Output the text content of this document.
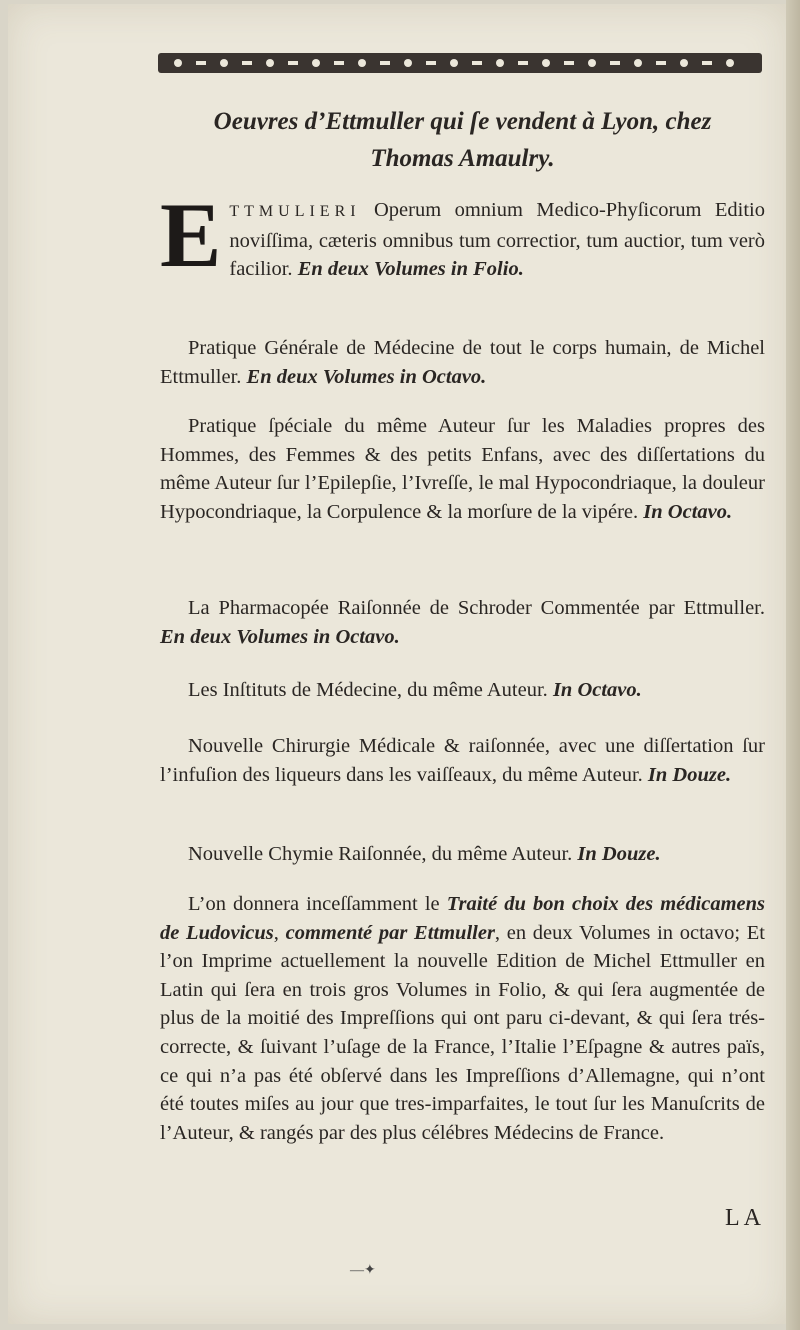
Oeuvres d’Ettmuller qui ſe vendent à Lyon, chez
Thomas Amaulry.
ETTMULIERI Operum omnium Medico-Phyſicorum Editio noviſſima, cæteris omnibus tum correctior, tum auctior, tum verò facilior. En deux Volumes in Folio.
Pratique Générale de Médecine de tout le corps humain, de Michel Ettmuller. En deux Volumes in Octavo.
Pratique ſpéciale du même Auteur ſur les Maladies propres des Hommes, des Femmes & des petits Enfans, avec des diſſertations du même Auteur ſur l’Epilepſie, l’Ivreſſe, le mal Hypocondriaque, la douleur Hypocondriaque, la Corpulence & la morſure de la vipére. In Octavo.
La Pharmacopée Raiſonnée de Schroder Commentée par Ettmuller. En deux Volumes in Octavo.
Les Inſtituts de Médecine, du même Auteur. In Octavo.
Nouvelle Chirurgie Médicale & raiſonnée, avec une diſſertation ſur l’infuſion des liqueurs dans les vaiſſeaux, du même Auteur. In Douze.
Nouvelle Chymie Raiſonnée, du même Auteur. In Douze.
L’on donnera inceſſamment le Traité du bon choix des médicamens de Ludovicus, commenté par Ettmuller, en deux Volumes in octavo; Et l’on Imprime actuellement la nouvelle Edition de Michel Ettmuller en Latin qui ſera en trois gros Volumes in Folio, & qui ſera augmentée de plus de la moitié des Impreſſions qui ont paru ci-devant, & qui ſera trés-correcte, & ſuivant l’uſage de la France, l’Italie l’Eſpagne & autres païs, ce qui n’a pas été obſervé dans les Impreſſions d’Allemagne, qui n’ont été toutes miſes au jour que tres-imparfaites, le tout ſur les Manuſcrits de l’Auteur, & rangés par des plus célébres Médecins de France.
LA
—✦
